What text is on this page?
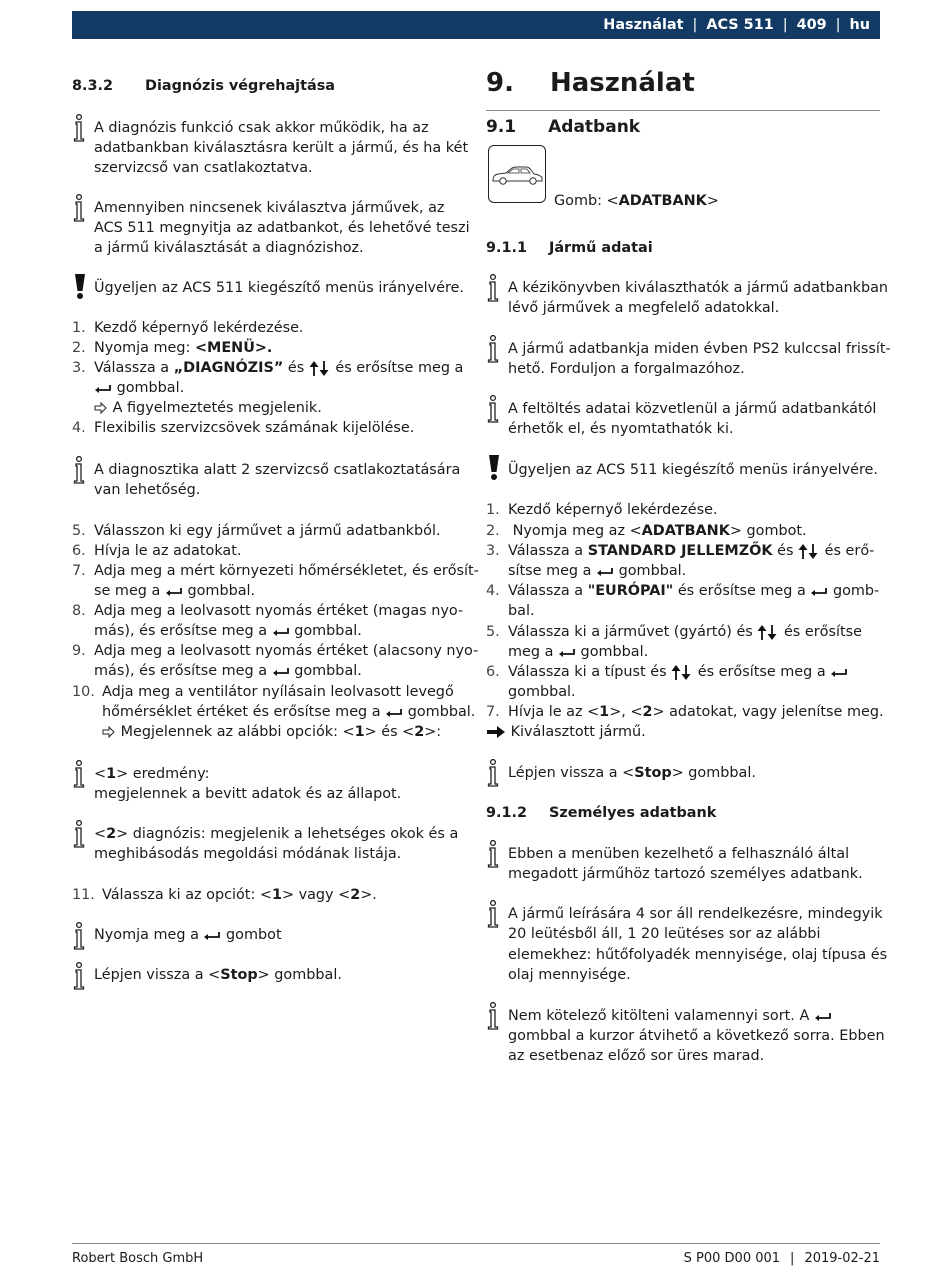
Használat | ACS 511 | 409 | hu
8.3.2 Diagnózis végrehajtása
A diagnózis funkció csak akkor működik, ha az
adatbankban kiválasztásra került a jármű, és ha két
szervizcső van csatlakoztatva.
Amennyiben nincsenek kiválasztva járművek, az
ACS 511 megnyitja az adatbankot, és lehetővé teszi
a jármű kiválasztását a diagnózishoz.
Ügyeljen az ACS 511 kiegészítő menüs irányelvére.
1. Kezdő képernyő lekérdezése.
2. Nyomja meg: <MENÜ>.
3. Válassza a „DIAGNÓZIS” és  és erősítse meg a
gombbal.
A figyelmeztetés megjelenik.
4. Flexibilis szervizcsövek számának kijelölése.
A diagnosztika alatt 2 szervizcső csatlakoztatására
van lehetőség.
5. Válasszon ki egy járművet a jármű adatbankból.
6. Hívja le az adatokat.
7. Adja meg a mért környezeti hőmérsékletet, és erősít-
se meg a  gombbal.
8. Adja meg a leolvasott nyomás értéket (magas nyo-
más), és erősítse meg a  gombbal.
9. Adja meg a leolvasott nyomás értéket (alacsony nyo-
más), és erősítse meg a  gombbal.
10. Adja meg a ventilátor nyílásain leolvasott levegő
hőmérséklet értéket és erősítse meg a  gombbal.
Megjelennek az alábbi opciók: <1> és <2>:
<1> eredmény:
megjelennek a bevitt adatok és az állapot.
<2> diagnózis: megjelenik a lehetséges okok és a
meghibásodás megoldási módának listája.
11. Válassza ki az opciót: <1> vagy <2>.
Nyomja meg a  gombot
Lépjen vissza a <Stop> gombbal.
9. Használat
9.1 Adatbank
Gomb: <ADATBANK>
9.1.1 Jármű adatai
A kézikönyvben kiválaszthatók a jármű adatbankban
lévő járművek a megfelelő adatokkal.
A jármű adatbankja miden évben PS2 kulccsal frissít-
hető. Forduljon a forgalmazóhoz.
A feltöltés adatai közvetlenül a jármű adatbankától
érhetők el, és nyomtathatók ki.
Ügyeljen az ACS 511 kiegészítő menüs irányelvére.
1. Kezdő képernyő lekérdezése.
2. Nyomja meg az <ADATBANK> gombot.
3. Válassza a STANDARD JELLEMZŐK és  és erő-
sítse meg a  gombbal.
4. Válassza a "EURÓPAI" és erősítse meg a  gomb-
bal.
5. Válassza ki a járművet (gyártó) és  és erősítse
meg a  gombbal.
6. Válassza ki a típust és  és erősítse meg a
gombbal.
7. Hívja le az <1>, <2> adatokat, vagy jelenítse meg.
Kiválasztott jármű.
Lépjen vissza a <Stop> gombbal.
9.1.2 Személyes adatbank
Ebben a menüben kezelhető a felhasználó által
megadott járműhöz tartozó személyes adatbank.
A jármű leírására 4 sor áll rendelkezésre, mindegyik
20 leütésből áll, 1 20 leütéses sor az alábbi
elemekhez: hűtőfolyadék mennyisége, olaj típusa és
olaj mennyisége.
Nem kötelező kitölteni valamennyi sort. A
gombbal a kurzor átvihető a következő sorra. Ebben
az esetbenaz előző sor üres marad.
Robert Bosch GmbH	S P00 D00 001 | 2019-02-21
